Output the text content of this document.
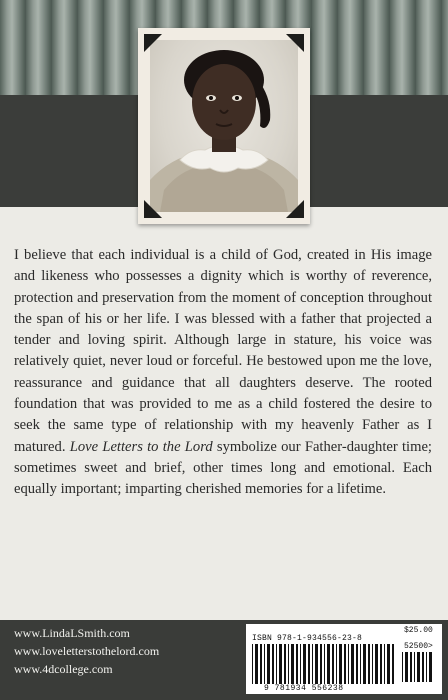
I believe that each individual is a child of God, created in His image and likeness who possesses a dignity which is worthy of reverence, protection and preservation from the moment of conception throughout the span of his or her life. I was blessed with a father that projected a tender and loving spirit. Although large in stature, his voice was relatively quiet, never loud or forceful. He bestowed upon me the love, reassurance and guidance that all daughters deserve. The rooted foundation that was provided to me as a child fostered the desire to seek the same type of relationship with my heavenly Father as I matured. Love Letters to the Lord symbolize our Father-daughter time; sometimes sweet and brief, other times long and emotional. Each equally important; imparting cherished memories for a lifetime.

www.LindaLSmith.com
www.loveletterstothelord.com
www.4dcollege.com
$25.00
ISBN 978-1-934556-23-8
52500>
9 781934 556238
